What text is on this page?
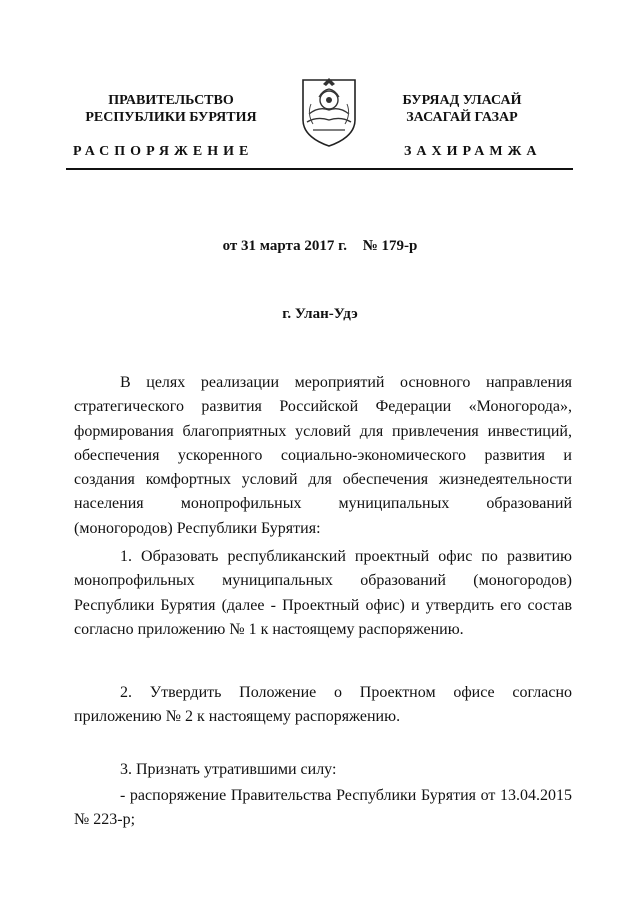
ПРАВИТЕЛЬСТВО
РЕСПУБЛИКИ БУРЯТИЯ
РАСПОРЯЖЕНИЕ
БУРЯАД УЛАСАЙ
ЗАСАГАЙ ГАЗАР
ЗАХИРАМЖА
от 31 марта 2017 г. № 179-р
г. Улан-Удэ

В целях реализации мероприятий основного направления стратегического развития Российской Федерации «Моногорода», формирования благоприятных условий для привлечения инвестиций, обеспечения ускоренного социально-экономического развития и создания комфортных условий для обеспечения жизнедеятельности населения монопрофильных муниципальных образований (моногородов) Республики Бурятия:

1. Образовать республиканский проектный офис по развитию монопрофильных муниципальных образований (моногородов) Республики Бурятия (далее - Проектный офис) и утвердить его состав согласно приложению № 1 к настоящему распоряжению.

2. Утвердить Положение о Проектном офисе согласно приложению № 2 к настоящему распоряжению.

3. Признать утратившими силу:

- распоряжение Правительства Республики Бурятия от 13.04.2015 № 223-р;
